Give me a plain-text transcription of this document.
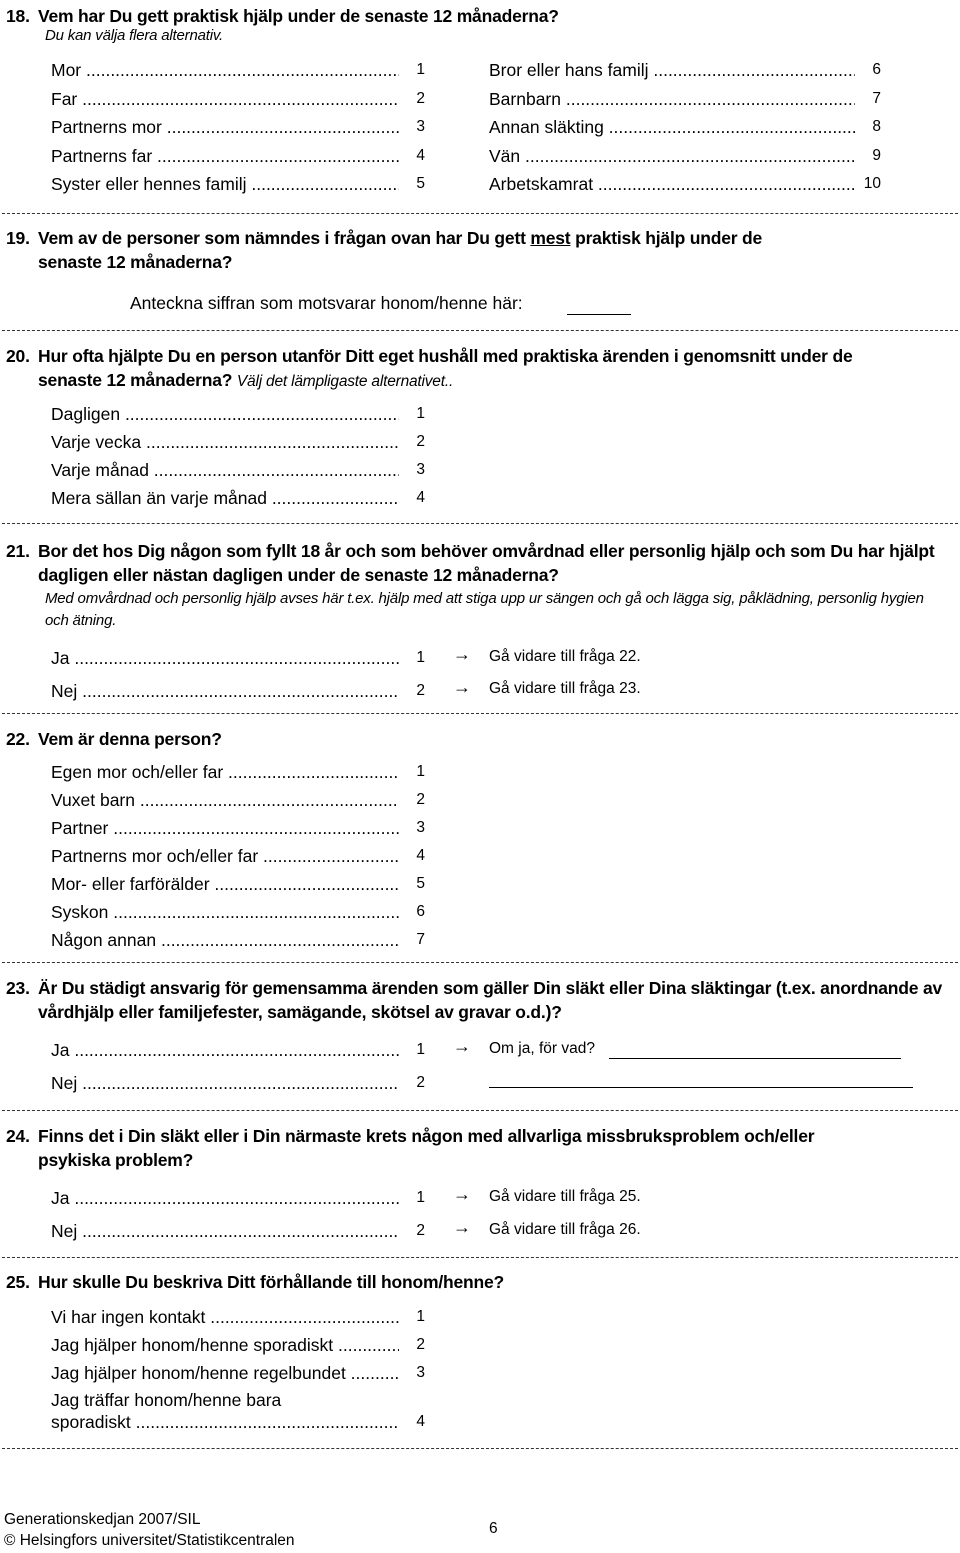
18. Vem har Du gett praktisk hjälp under de senaste 12 månaderna?
Du kan välja flera alternativ.
Mor .....	1
Far .....	2
Partnerns mor .....	3
Partnerns far .....	4
Syster eller hennes familj .....	5
Bror eller hans familj .....	6
Barnbarn .....	7
Annan släkting .....	8
Vän .....	9
Arbetskamrat .....	10
19. Vem av de personer som nämndes i frågan ovan har Du gett mest praktisk hjälp under de senaste 12 månaderna?
Anteckna siffran som motsvarar honom/henne här:
20. Hur ofta hjälpte Du en person utanför Ditt eget hushåll med praktiska ärenden i genomsnitt under de senaste 12 månaderna? Välj det lämpligaste alternativet..
Dagligen .....	1
Varje vecka .....	2
Varje månad .....	3
Mera sällan än varje månad .....	4
21. Bor det hos Dig någon som fyllt 18 år och som behöver omvårdnad eller personlig hjälp och som Du har hjälpt dagligen eller nästan dagligen under de senaste 12 månaderna?
Med omvårdnad och personlig hjälp avses här t.ex. hjälp med att stiga upp ur sängen och gå och lägga sig, påklädning, personlig hygien och ätning.
Ja .....	1 → Gå vidare till fråga 22.
Nej .....	2 → Gå vidare till fråga 23.
22. Vem är denna person?
Egen mor och/eller far .....	1
Vuxet barn .....	2
Partner .....	3
Partnerns mor och/eller far .....	4
Mor- eller farförälder .....	5
Syskon .....	6
Någon annan .....	7
23. Är Du städigt ansvarig för gemensamma ärenden som gäller Din släkt eller Dina släktingar (t.ex. anordnande av vårdhjälp eller familjefester, samägande, skötsel av gravar o.d.)?
Ja .....	1 → Om ja, för vad?
Nej .....	2
24. Finns det i Din släkt eller i Din närmaste krets någon med allvarliga missbruksproblem och/eller psykiska problem?
Ja .....	1 → Gå vidare till fråga 25.
Nej .....	2 → Gå vidare till fråga 26.
25. Hur skulle Du beskriva Ditt förhållande till honom/henne?
Vi har ingen kontakt .....	1
Jag hjälper honom/henne sporadiskt .....	2
Jag hjälper honom/henne regelbundet .....	3
Jag träffar honom/henne bara
sporadiskt .....	4
Generationskedjan 2007/SIL
© Helsingfors universitet/Statistikcentralen
6
